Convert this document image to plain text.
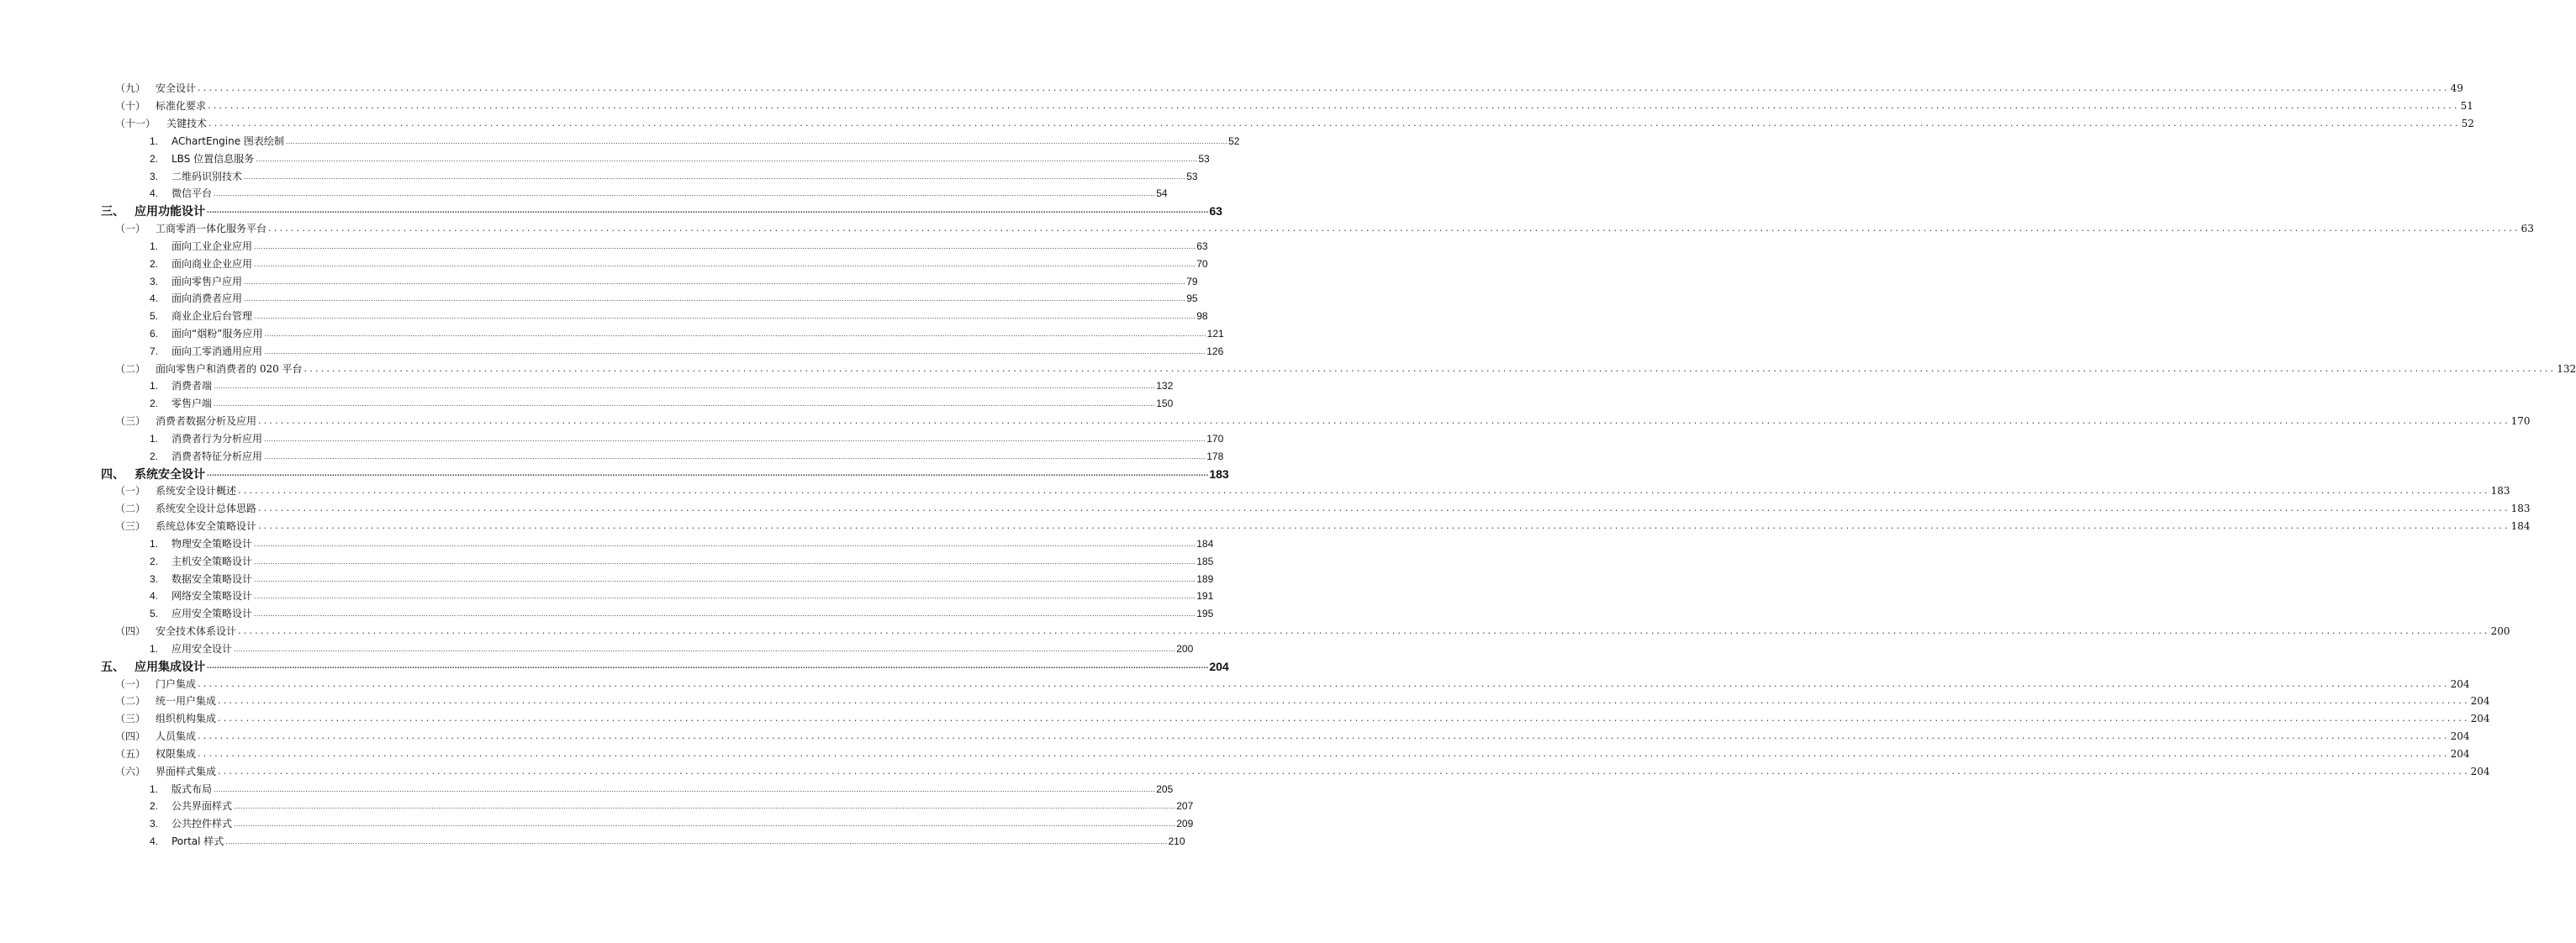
（九） 安全设计 ................................................................................................................................................................................................................................................................................................................................................................................................................ 49
（十） 标准化要求 ................................................................................................................................................................................................................................................................................................................................................................................................................ 51
（十一） 关键技术 ................................................................................................................................................................................................................................................................................................................................................................................................................ 52
1. AChartEngine 图表绘制 ................................................................................................................................................................................................................................................................................................................................................................................................................ 52
2. LBS 位置信息服务 ................................................................................................................................................................................................................................................................................................................................................................................................................ 53
3. 二维码识别技术 ................................................................................................................................................................................................................................................................................................................................................................................................................ 53
4. 微信平台 ................................................................................................................................................................................................................................................................................................................................................................................................................ 54
三、 应用功能设计 ................................................................................................................................................................................................................................................................................................................................................................................................................ 63
（一） 工商零消一体化服务平台 ................................................................................................................................................................................................................................................................................................................................................................................................................ 63
1. 面向工业企业应用 ................................................................................................................................................................................................................................................................................................................................................................................................................ 63
2. 面向商业企业应用 ................................................................................................................................................................................................................................................................................................................................................................................................................ 70
3. 面向零售户应用 ................................................................................................................................................................................................................................................................................................................................................................................................................ 79
4. 面向消费者应用 ................................................................................................................................................................................................................................................................................................................................................................................................................ 95
5. 商业企业后台管理 ................................................................................................................................................................................................................................................................................................................................................................................................................ 98
6. 面向“烟粉”服务应用 ................................................................................................................................................................................................................................................................................................................................................................................................................ 121
7. 面向工零消通用应用 ................................................................................................................................................................................................................................................................................................................................................................................................................ 126
（二） 面向零售户和消费者的 020 平台 ................................................................................................................................................................................................................................................................................................................................................................................................................ 132
1. 消费者端 ................................................................................................................................................................................................................................................................................................................................................................................................................ 132
2. 零售户端 ................................................................................................................................................................................................................................................................................................................................................................................................................ 150
（三） 消费者数据分析及应用 ................................................................................................................................................................................................................................................................................................................................................................................................................ 170
1. 消费者行为分析应用 ................................................................................................................................................................................................................................................................................................................................................................................................................ 170
2. 消费者特征分析应用 ................................................................................................................................................................................................................................................................................................................................................................................................................ 178
四、 系统安全设计 ................................................................................................................................................................................................................................................................................................................................................................................................................ 183
（一） 系统安全设计概述 ................................................................................................................................................................................................................................................................................................................................................................................................................ 183
（二） 系统安全设计总体思路 ................................................................................................................................................................................................................................................................................................................................................................................................................ 183
（三） 系统总体安全策略设计 ................................................................................................................................................................................................................................................................................................................................................................................................................ 184
1. 物理安全策略设计 ................................................................................................................................................................................................................................................................................................................................................................................................................ 184
2. 主机安全策略设计 ................................................................................................................................................................................................................................................................................................................................................................................................................ 185
3. 数据安全策略设计 ................................................................................................................................................................................................................................................................................................................................................................................................................ 189
4. 网络安全策略设计 ................................................................................................................................................................................................................................................................................................................................................................................................................ 191
5. 应用安全策略设计 ................................................................................................................................................................................................................................................................................................................................................................................................................ 195
（四） 安全技术体系设计 ................................................................................................................................................................................................................................................................................................................................................................................................................ 200
1. 应用安全设计 ................................................................................................................................................................................................................................................................................................................................................................................................................ 200
五、 应用集成设计 ................................................................................................................................................................................................................................................................................................................................................................................................................ 204
（一） 门户集成 ................................................................................................................................................................................................................................................................................................................................................................................................................ 204
（二） 统一用户集成 ................................................................................................................................................................................................................................................................................................................................................................................................................ 204
（三） 组织机构集成 ................................................................................................................................................................................................................................................................................................................................................................................................................ 204
（四） 人员集成 ................................................................................................................................................................................................................................................................................................................................................................................................................ 204
（五） 权限集成 ................................................................................................................................................................................................................................................................................................................................................................................................................ 204
（六） 界面样式集成 ................................................................................................................................................................................................................................................................................................................................................................................................................ 204
1. 版式布局 ................................................................................................................................................................................................................................................................................................................................................................................................................ 205
2. 公共界面样式 ................................................................................................................................................................................................................................................................................................................................................................................................................ 207
3. 公共控件样式 ................................................................................................................................................................................................................................................................................................................................................................................................................ 209
4. Portal 样式 ................................................................................................................................................................................................................................................................................................................................................................................................................ 210
